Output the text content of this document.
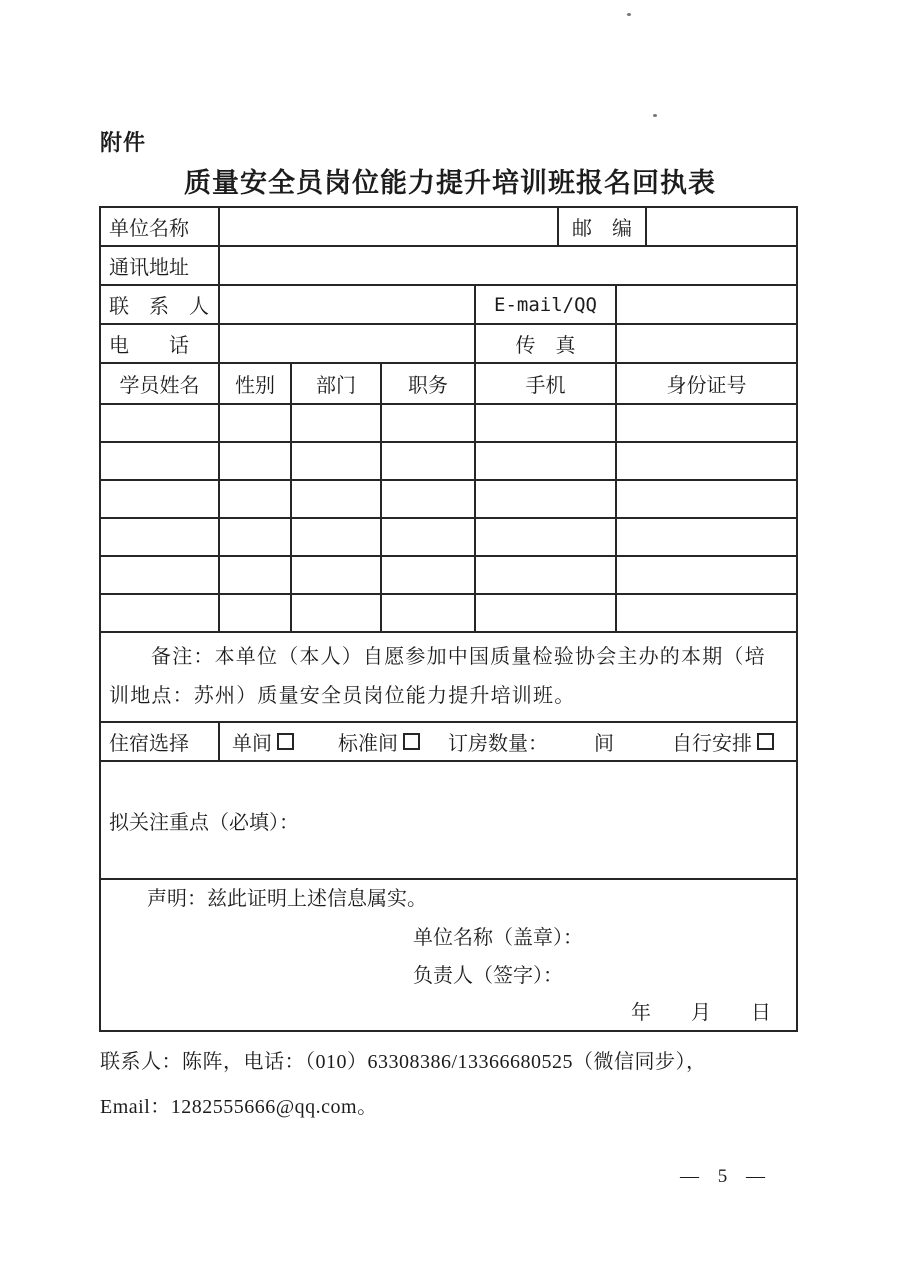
附件
质量安全员岗位能力提升培训班报名回执表
单位名称					邮　编		
通讯地址							
联　系　人				E-mail/QQ			
电　　话				传　真			
学员姓名	性别	部门	职务	手机		身份证号	

备注：本单位（本人）自愿参加中国质量检验协会主办的本期（培
训地点：苏州）质量安全员岗位能力提升培训班。							

住宿选择	单间 标准间 订房数量： 间 自行安排						

拟关注重点（必填）：							

声明：兹此证明上述信息属实。
单位名称（盖章）：
负责人（签字）：
年　　月　　日							
联系人：陈阵，电话：（010）63308386/13366680525（微信同步），
Email：1282555666@qq.com。
— 5 —
